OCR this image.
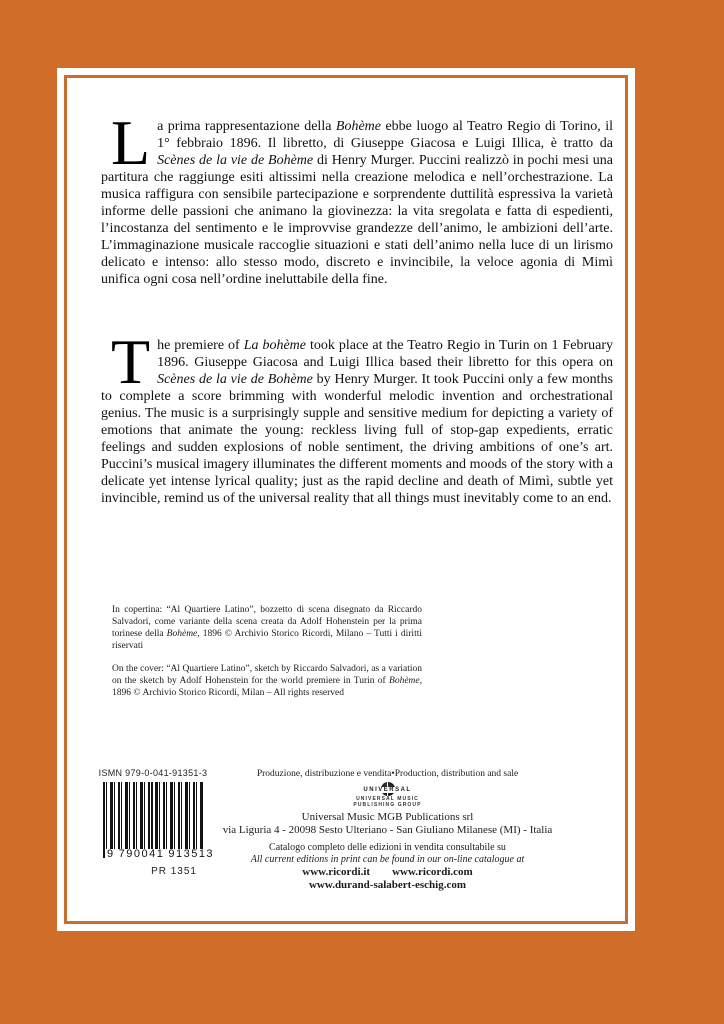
La prima rappresentazione della Bohème ebbe luogo al Teatro Regio di Torino, il 1° febbraio 1896. Il libretto, di Giuseppe Giacosa e Luigi Illica, è tratto da Scènes de la vie de Bohème di Henry Murger. Puccini realizzò in pochi mesi una partitura che raggiunge esiti altissimi nella creazione melodica e nell’orchestrazione. La musica raffigura con sensibile partecipazione e sorprendente duttilità espressiva la varietà informe delle passioni che animano la giovinezza: la vita sregolata e fatta di espedienti, l’incostanza del sentimento e le improvvise grandezze dell’animo, le ambizioni dell’arte. L’immaginazione musicale raccoglie situazioni e stati dell’animo nella luce di un lirismo delicato e intenso: allo stesso modo, discreto e invincibile, la veloce agonia di Mimì unifica ogni cosa nell’ordine ineluttabile della fine.

The premiere of La bohème took place at the Teatro Regio in Turin on 1 February 1896. Giuseppe Giacosa and Luigi Illica based their libretto for this opera on Scènes de la vie de Bohème by Henry Murger. It took Puccini only a few months to complete a score brimming with wonderful melodic invention and orchestrational genius. The music is a surprisingly supple and sensitive medium for depicting a variety of emotions that animate the young: reckless living full of stop-gap expedients, erratic feelings and sudden explosions of noble sentiment, the driving ambitions of one’s art. Puccini’s musical imagery illuminates the different moments and moods of the story with a delicate yet intense lyrical quality; just as the rapid decline and death of Mimì, subtle yet invincible, remind us of the universal reality that all things must inevitably come to an end.

In copertina: “Al Quartiere Latino”, bozzetto di scena disegnato da Riccardo Salvadori, come variante della scena creata da Adolf Hohenstein per la prima torinese della Bohème, 1896 © Archivio Storico Ricordi, Milano – Tutti i diritti riservati
On the cover: “Al Quartiere Latino”, sketch by Riccardo Salvadori, as a variation on the sketch by Adolf Hohenstein for the world premiere in Turin of Bohème, 1896 © Archivio Storico Ricordi, Milan – All rights reserved
ISMN 979-0-041-91351-3
9 790041 913513
PR 1351
Produzione, distribuzione e vendita•Production, distribution and sale
UNIVERSAL
UNIVERSAL MUSIC
PUBLISHING GROUP
Universal Music MGB Publications srl
via Liguria 4 - 20098 Sesto Ulteriano - San Giuliano Milanese (MI) - Italia
Catalogo completo delle edizioni in vendita consultabile su
All current editions in print can be found in our on-line catalogue at
www.ricordi.it www.ricordi.com
www.durand-salabert-eschig.com
